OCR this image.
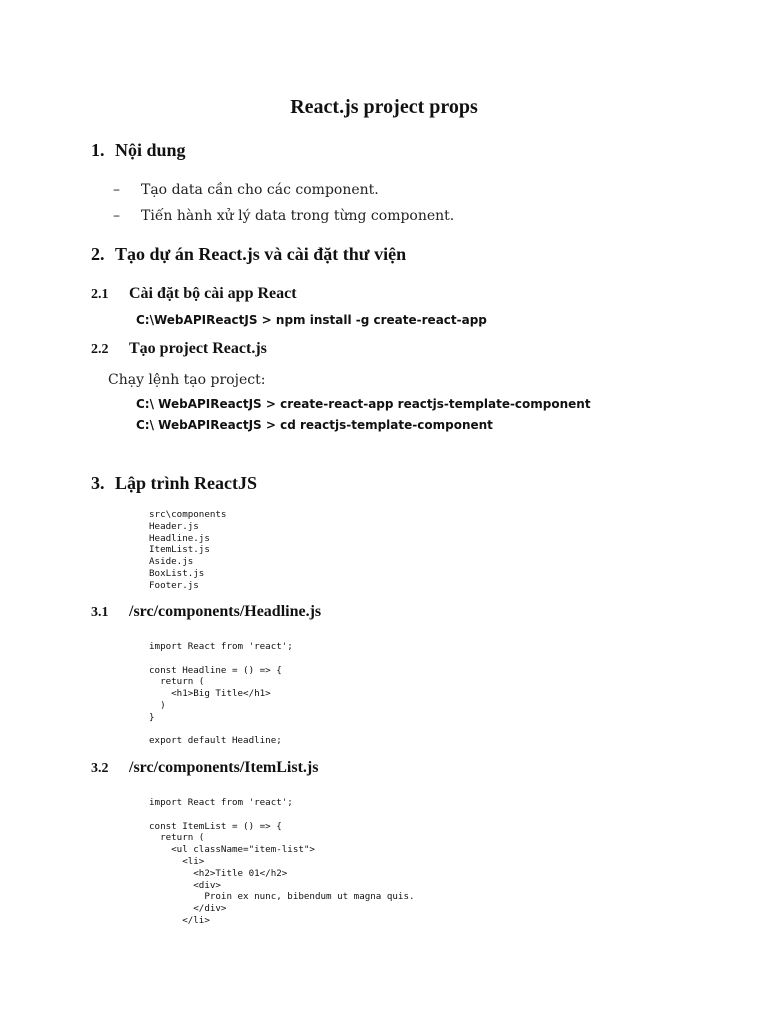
React.js project props
1. Nội dung
– Tạo data cần cho các component.
– Tiến hành xử lý data trong từng component.
2. Tạo dự án React.js và cài đặt thư viện
2.1 Cài đặt bộ cài app React
C:\WebAPIReactJS > npm install -g create-react-app
2.2 Tạo project React.js
Chạy lệnh tạo project:
C:\ WebAPIReactJS > create-react-app reactjs-template-component
C:\ WebAPIReactJS > cd reactjs-template-component
3. Lập trình ReactJS
src\components
Header.js
Headline.js
ItemList.js
Aside.js
BoxList.js
Footer.js
3.1 /src/components/Headline.js
import React from 'react';

const Headline = () => {
return (
<h1>Big Title</h1>
)
}

export default Headline;
3.2 /src/components/ItemList.js
import React from 'react';

const ItemList = () => {
return (
<ul className="item-list">
<li>
<h2>Title 01</h2>
<div>
Proin ex nunc, bibendum ut magna quis.
</div>
</li>
